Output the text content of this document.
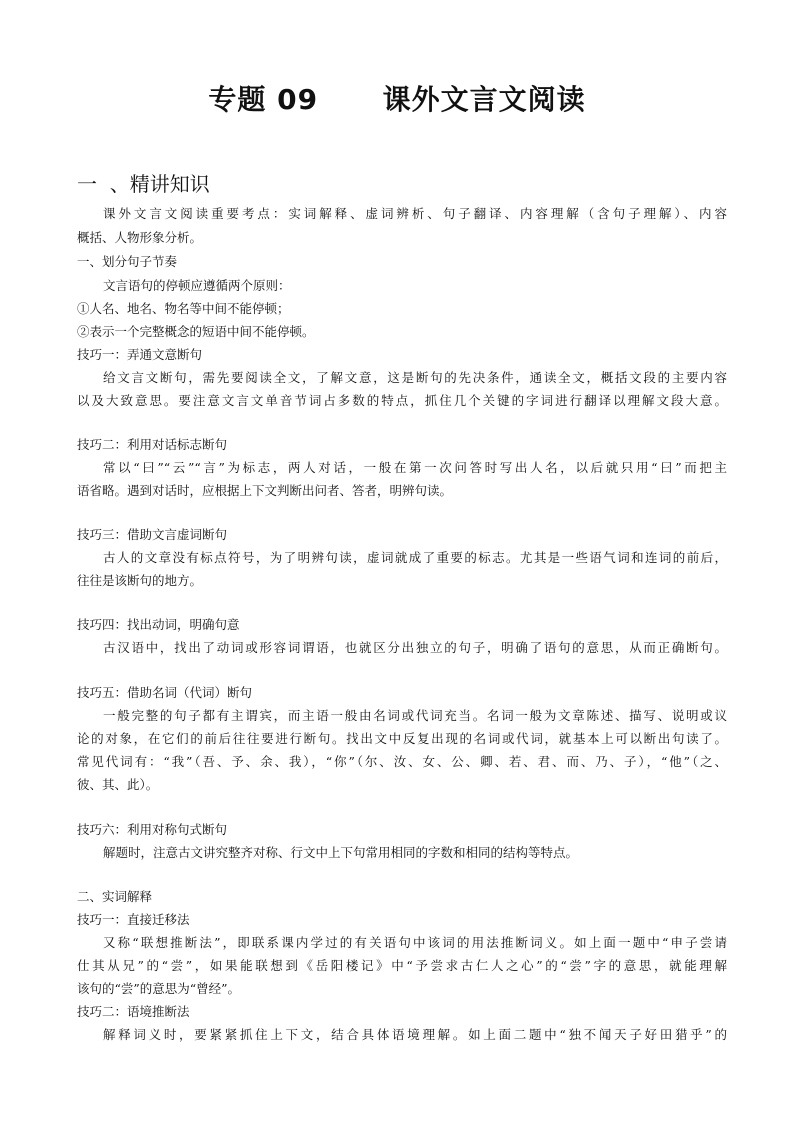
专题 09      课外文言文阅读
一  、精讲知识
课外文言文阅读重要考点：实词解释、虚词辨析、句子翻译、内容理解（含句子理解）、内容
概括、人物形象分析。
一、划分句子节奏
文言语句的停顿应遵循两个原则：
①人名、地名、物名等中间不能停顿；
②表示一个完整概念的短语中间不能停顿。
技巧一：弄通文意断句
给文言文断句，需先要阅读全文，了解文意，这是断句的先决条件，通读全文，概括文段的主要内容
以及大致意思。要注意文言文单音节词占多数的特点，抓住几个关键的字词进行翻译以理解文段大意。
技巧二：利用对话标志断句
常以“曰”“云”“言”为标志，两人对话，一般在第一次问答时写出人名，以后就只用“曰”而把主
语省略。遇到对话时，应根据上下文判断出问者、答者，明辨句读。
技巧三：借助文言虚词断句
古人的文章没有标点符号，为了明辨句读，虚词就成了重要的标志。尤其是一些语气词和连词的前后，
往往是该断句的地方。
技巧四：找出动词，明确句意
古汉语中，找出了动词或形容词谓语，也就区分出独立的句子，明确了语句的意思，从而正确断句。
技巧五：借助名词（代词）断句
一般完整的句子都有主谓宾，而主语一般由名词或代词充当。名词一般为文章陈述、描写、说明或议
论的对象，在它们的前后往往要进行断句。找出文中反复出现的名词或代词，就基本上可以断出句读了。
常见代词有：“我”（吾、予、余、我），“你”（尔、汝、女、公、卿、若、君、而、乃、子），“他”（之、
彼、其、此）。
技巧六：利用对称句式断句
解题时，注意古文讲究整齐对称、行文中上下句常用相同的字数和相同的结构等特点。
二、实词解释
技巧一：直接迁移法
又称“联想推断法”，即联系课内学过的有关语句中该词的用法推断词义。如上面一题中“申子尝请
仕其从兄”的“尝”，如果能联想到《岳阳楼记》中“予尝求古仁人之心”的“尝”字的意思，就能理解
该句的“尝”的意思为“曾经”。
技巧二：语境推断法
解释词义时，要紧紧抓住上下文，结合具体语境理解。如上面二题中“独不闻天子好田猎乎”的
